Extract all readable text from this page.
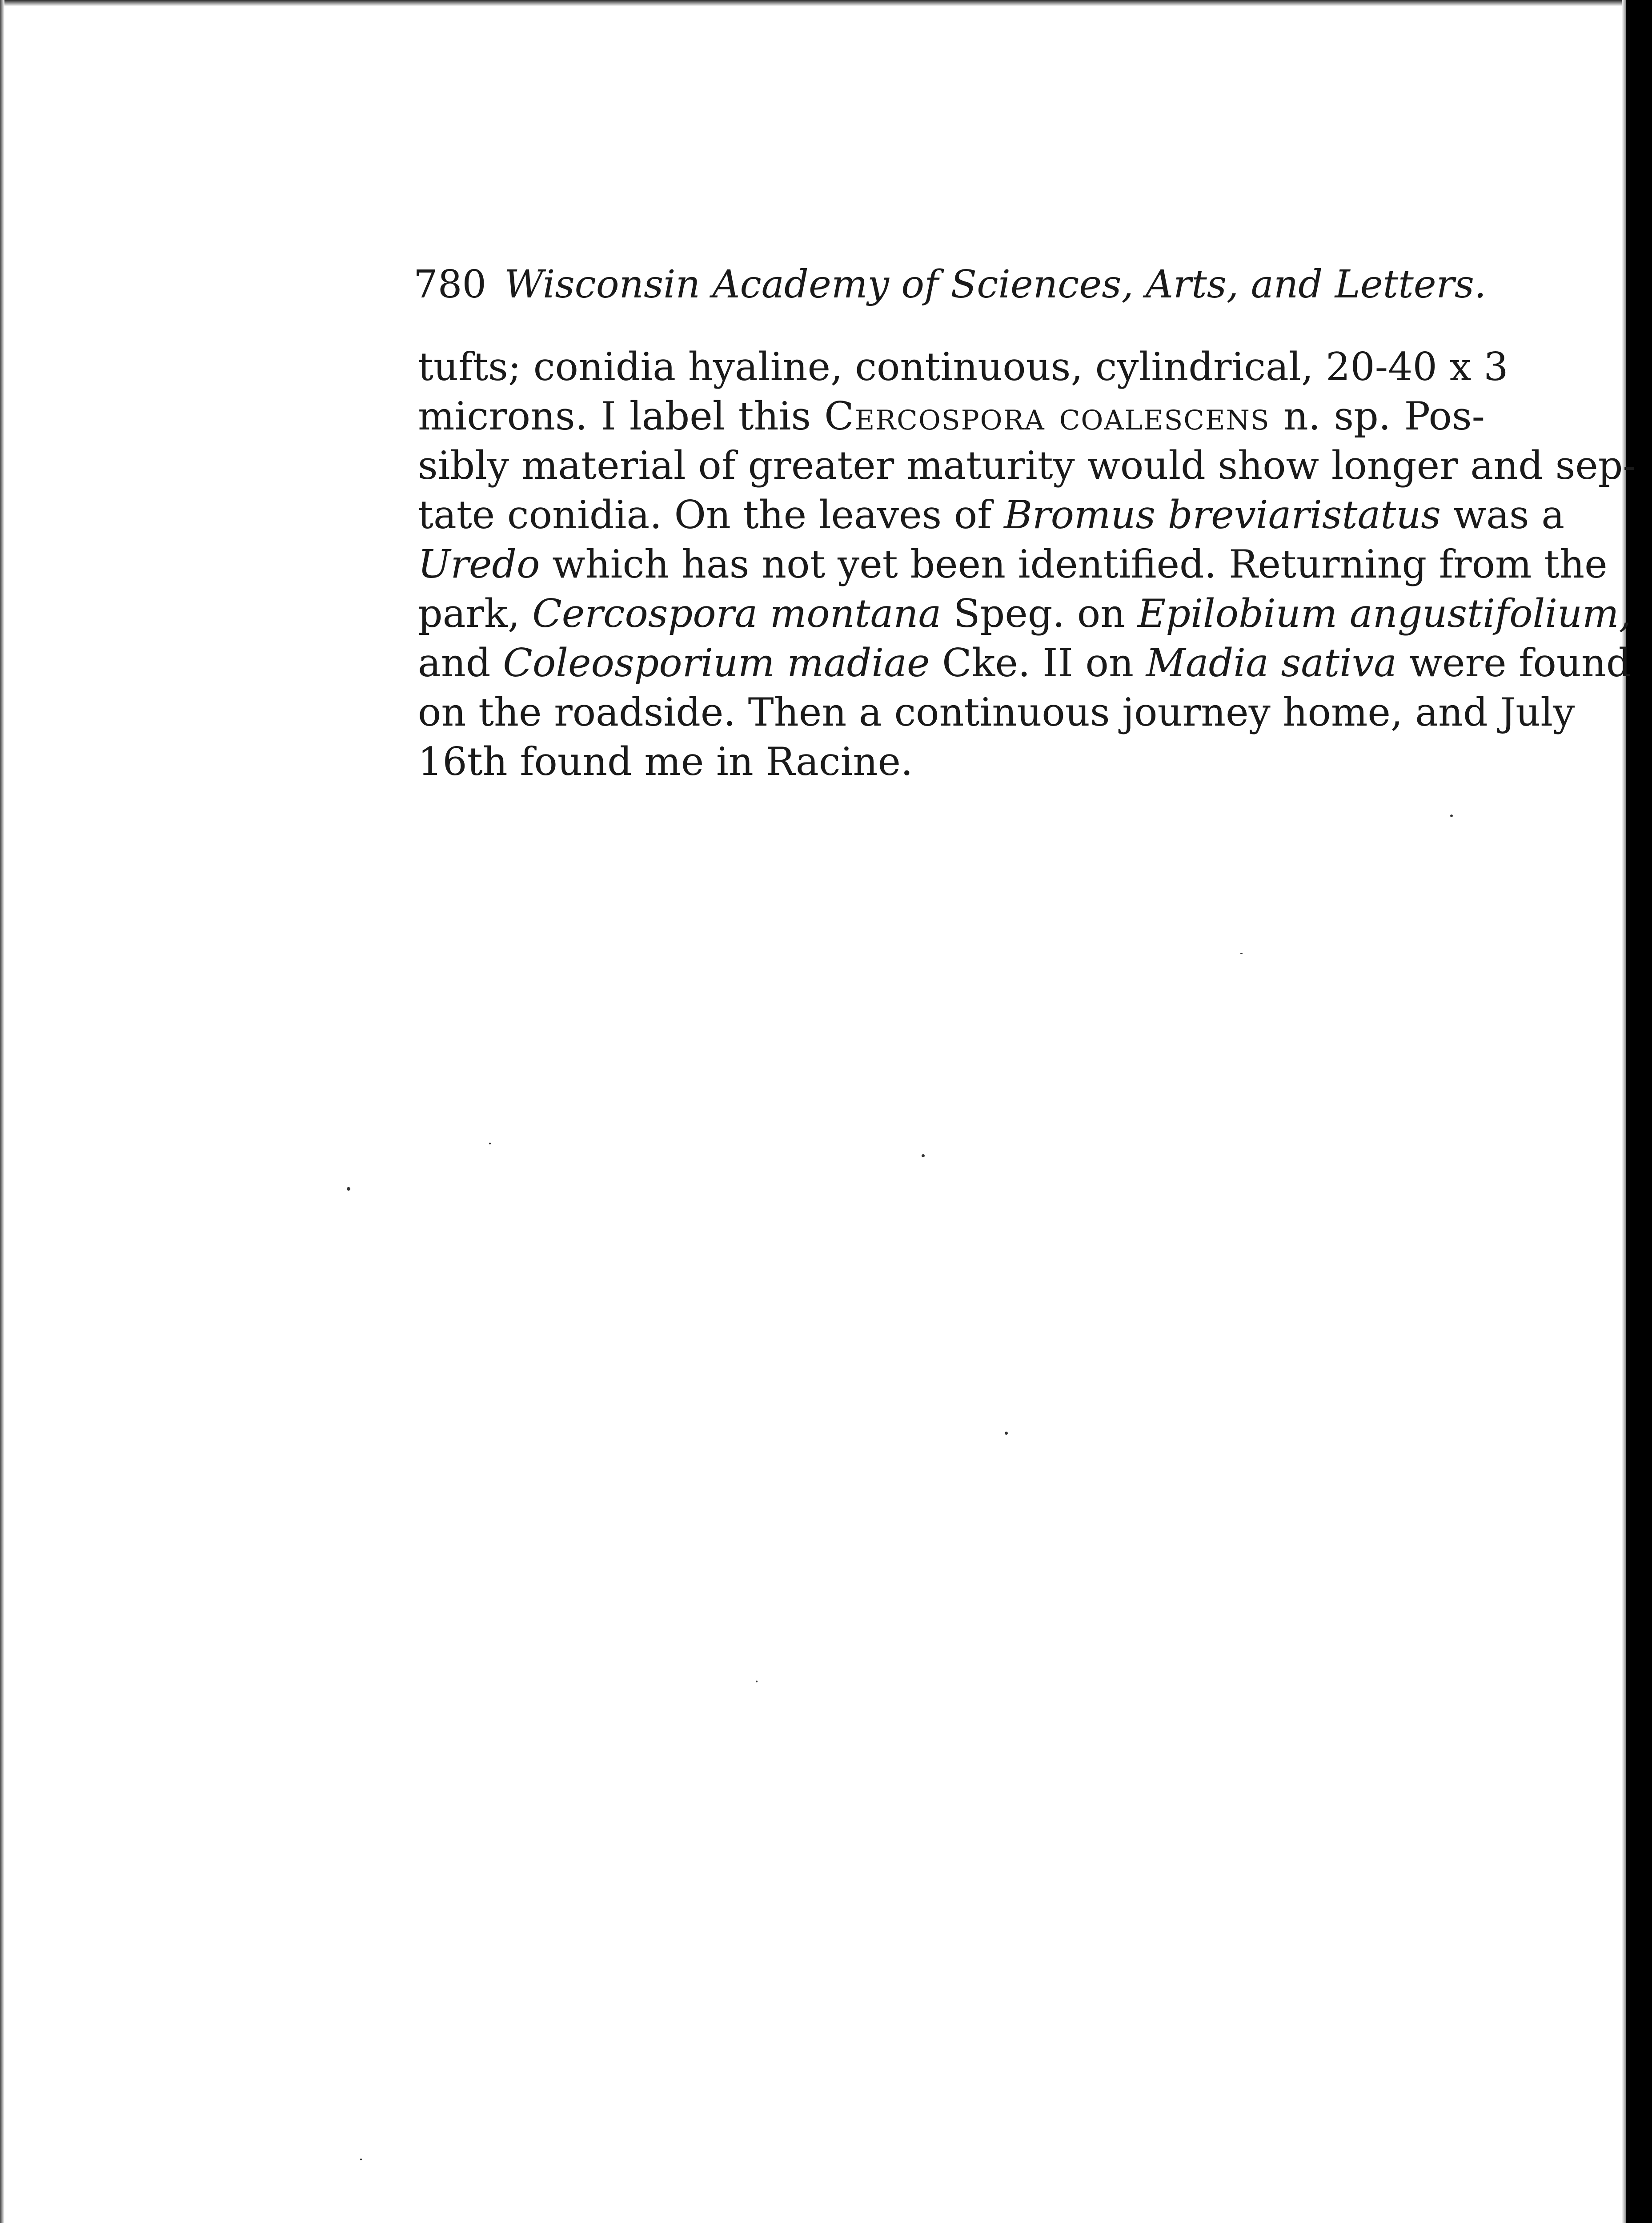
780 Wisconsin Academy of Sciences, Arts, and Letters.
tufts; conidia hyaline, continuous, cylindrical, 20-40 x 3
microns. I label this Cercospora coalescens n. sp. Pos-
sibly material of greater maturity would show longer and sep-
tate conidia. On the leaves of Bromus breviaristatus was a
Uredo which has not yet been identified. Returning from the
park, Cercospora montana Speg. on Epilobium angustifolium,
and Coleosporium madiae Cke. II on Madia sativa were found
on the roadside. Then a continuous journey home, and July
16th found me in Racine.
